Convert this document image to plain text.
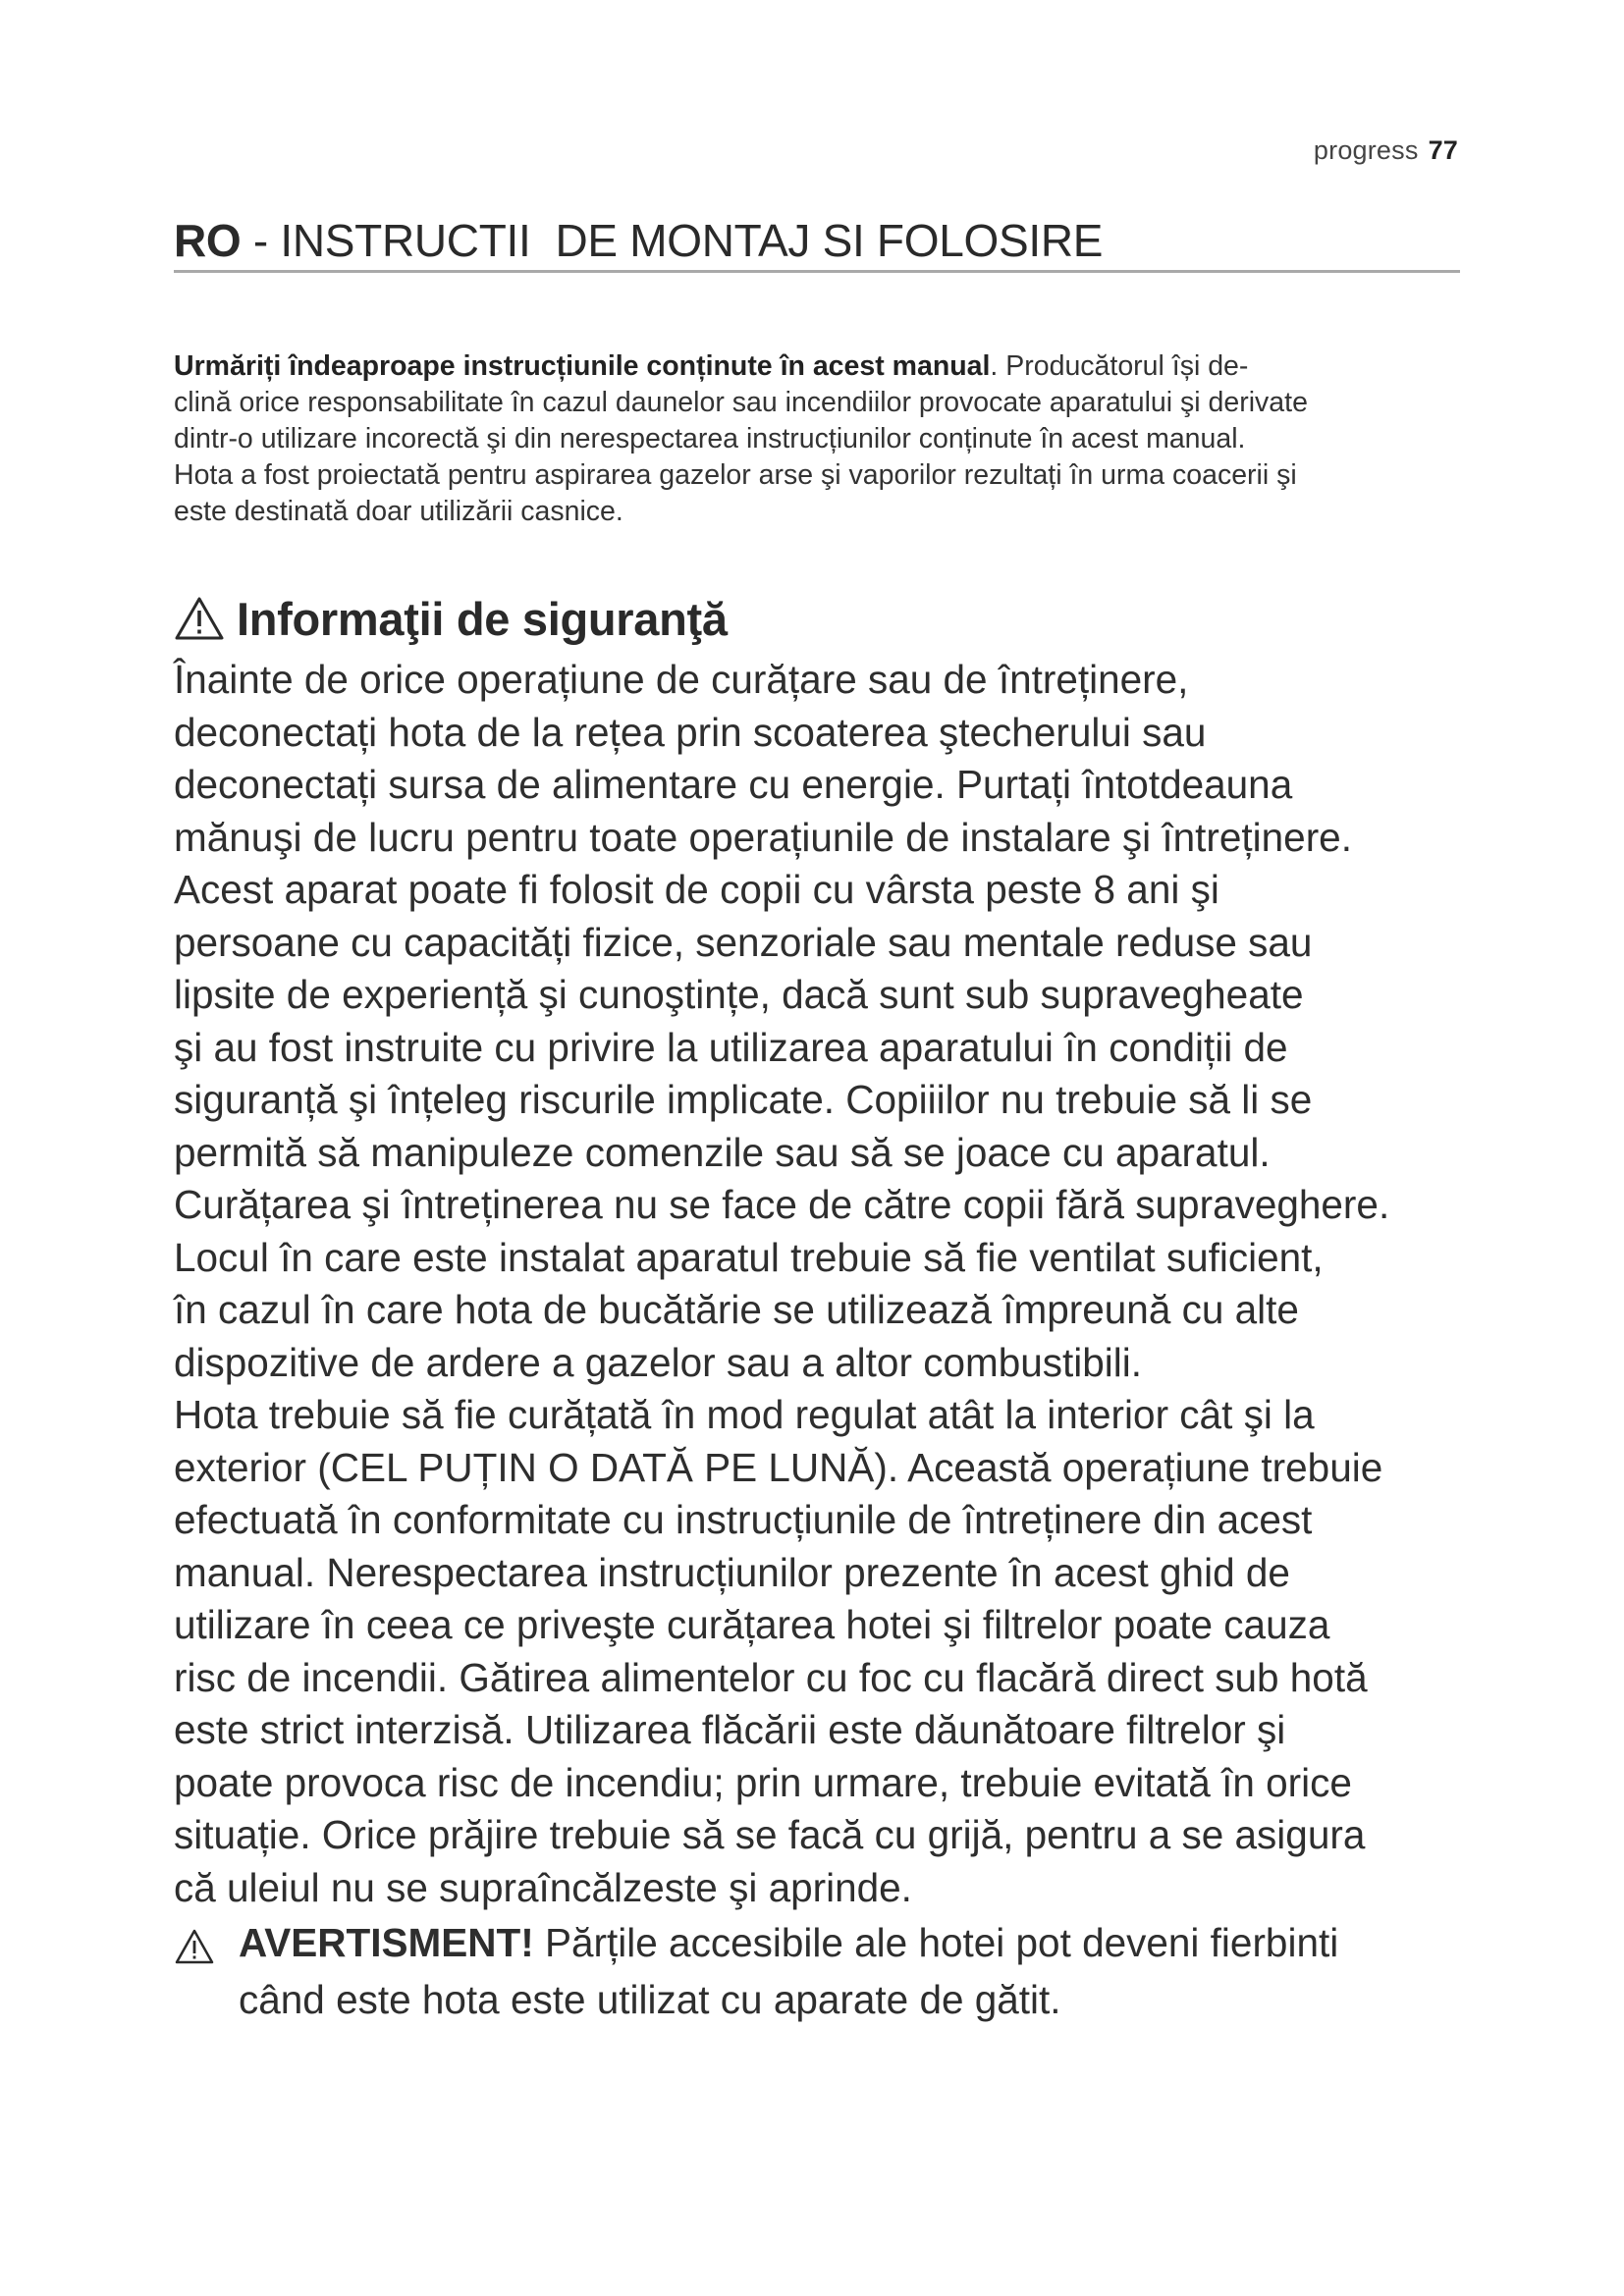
progress 77
RO - INSTRUCTII  DE MONTAJ SI FOLOSIRE
Urmăriți îndeaproape instrucțiunile conținute în acest manual. Producătorul își de-
clină orice responsabilitate în cazul daunelor sau incendiilor provocate aparatului şi derivate
dintr-o utilizare incorectă şi din nerespectarea instrucțiunilor conținute în acest manual.
Hota a fost proiectată pentru aspirarea gazelor arse şi vaporilor rezultați în urma coacerii şi
este destinată doar utilizării casnice.
Informaţii de siguranţă
Înainte de orice operațiune de curățare sau de întreținere,
deconectați hota de la rețea prin scoaterea ştecherului sau
deconectați sursa de alimentare cu energie. Purtați întotdeauna
mănuşi de lucru pentru toate operațiunile de instalare şi întreținere.
Acest aparat poate fi folosit de copii cu vârsta peste 8 ani şi
persoane cu capacități fizice, senzoriale sau mentale reduse sau
lipsite de experiență şi cunoştințe, dacă sunt sub supravegheate
şi au fost instruite cu privire la utilizarea aparatului în condiții de
siguranță şi înțeleg riscurile implicate. Copiiilor nu trebuie să li se
permită să manipuleze comenzile sau să se joace cu aparatul.
Curățarea şi întreținerea nu se face de către copii fără supraveghere.
Locul în care este instalat aparatul trebuie să fie ventilat suficient,
în cazul în care hota de bucătărie se utilizează împreună cu alte
dispozitive de ardere a gazelor sau a altor combustibili.
Hota trebuie să fie curățată în mod regulat atât la interior cât şi la
exterior (CEL PUȚIN O DATĂ PE LUNĂ). Această operațiune trebuie
efectuată în conformitate cu instrucțiunile de întreținere din acest
manual. Nerespectarea instrucțiunilor prezente în acest ghid de
utilizare în ceea ce priveşte curățarea hotei şi filtrelor poate cauza
risc de incendii. Gătirea alimentelor cu foc cu flacără direct sub hotă
este strict interzisă. Utilizarea flăcării este dăunătoare filtrelor şi
poate provoca risc de incendiu; prin urmare, trebuie evitată în orice
situație. Orice prăjire trebuie să se facă cu grijă, pentru a se asigura
că uleiul nu se supraîncălzeste şi aprinde.
AVERTISMENT! Părțile accesibile ale hotei pot deveni fierbinti
când este hota este utilizat cu aparate de gătit.
